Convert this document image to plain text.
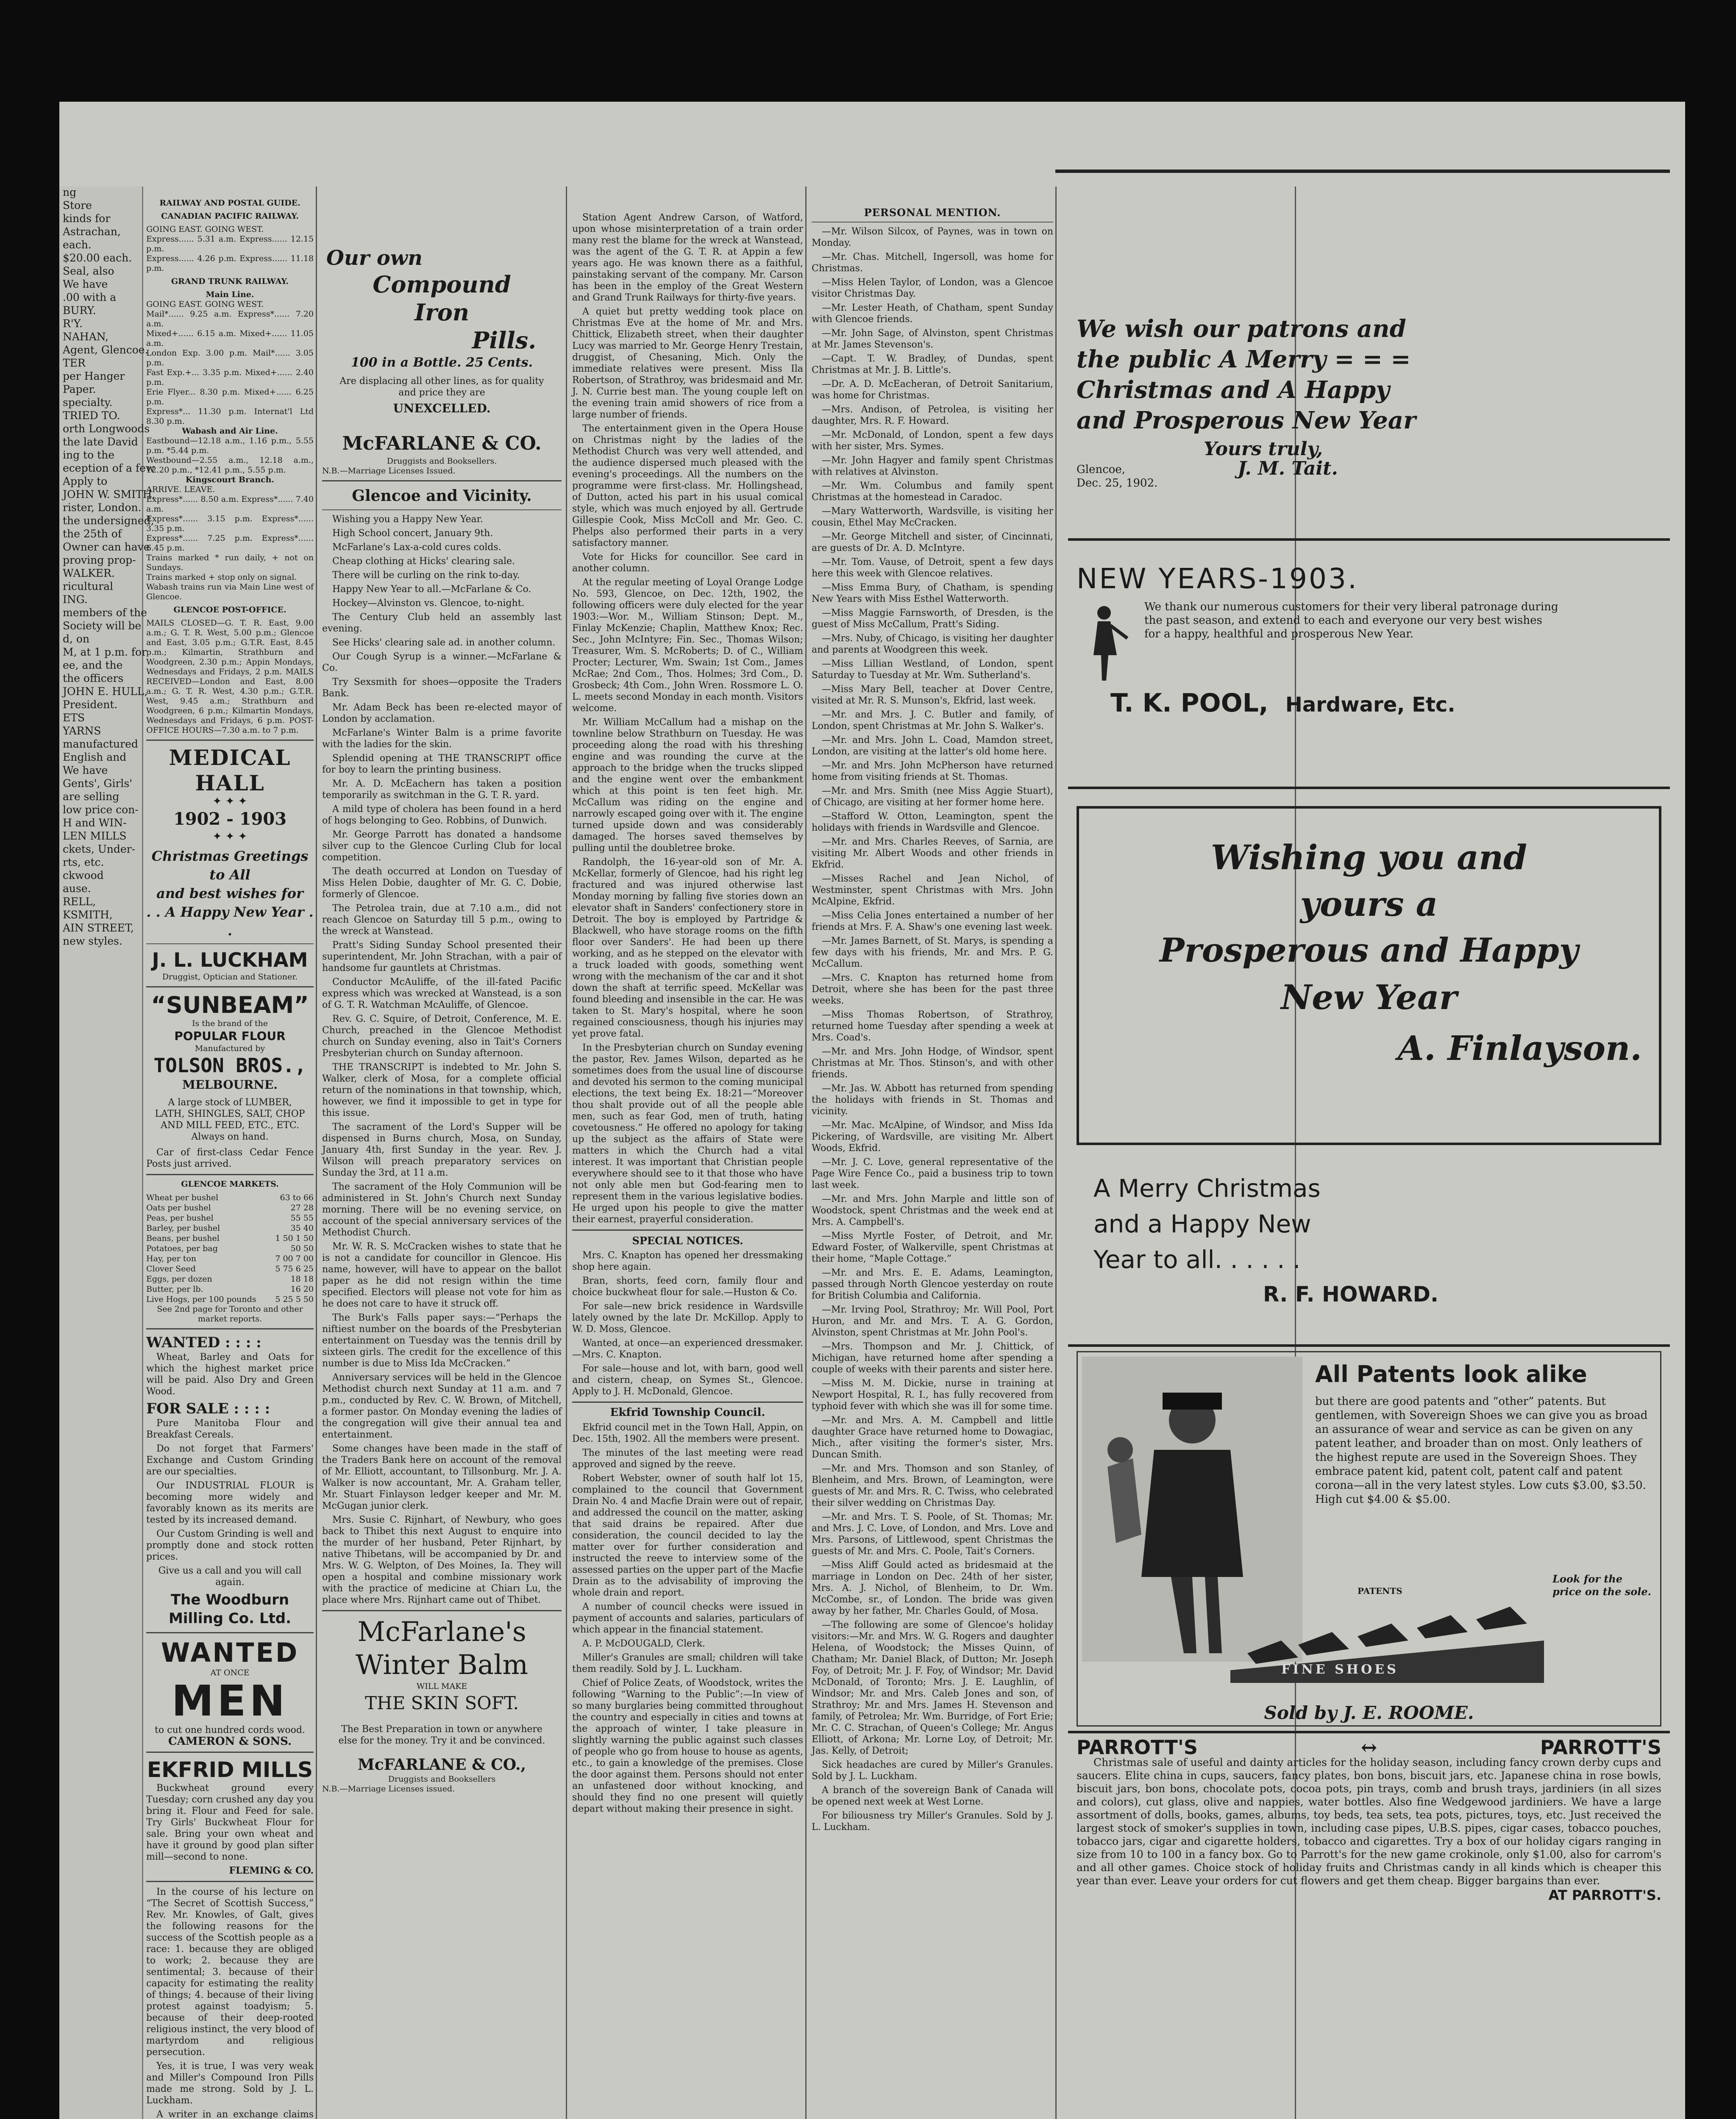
ng
Store
kinds for
Astrachan,
each.
$20.00 each.
Seal, also
We have
.00 with a
BURY.
R'Y.
NAHAN,
Agent, Glencoe.
TER
per Hanger
Paper.
specialty.
TRIED TO.
orth Longwoods
the late David
ing to the
eception of a few
Apply to
JOHN W. SMITH,
rister, London.
the undersigned,
the 25th of
Owner can have
proving prop-
WALKER.
ricultural
ING.
members of the
Society will be
d, on
M, at 1 p.m. for
ee, and the
the officers
JOHN E. HULL,
President.
ETS
YARNS
manufactured
English and
We have
Gents', Girls'
are selling
low price con-
H and WIN-
LEN MILLS
ckets, Under-
rts, etc.
ckwood
ause.
RELL,
KSMITH,
AIN STREET,
new styles.
RAILWAY AND POSTAL GUIDE.
CANADIAN PACIFIC RAILWAY.
GOING EAST. GOING WEST.
Express...... 5.31 a.m. Express...... 12.15 p.m.
Express...... 4.26 p.m. Express...... 11.18 p.m.
GRAND TRUNK RAILWAY.
Main Line.
GOING EAST. GOING WEST.
Mail*...... 9.25 a.m. Express*...... 7.20 a.m.
Mixed+...... 6.15 a.m. Mixed+...... 11.05 a.m.
London Exp. 3.00 p.m. Mail*...... 3.05 p.m.
Fast Exp.+... 3.35 p.m. Mixed+...... 2.40 p.m.
Erie Flyer... 8.30 p.m. Mixed+...... 6.25 p.m.
Express*... 11.30 p.m. Internat'l Ltd 8.30 p.m.
Wabash and Air Line.
Eastbound—12.18 a.m., 1.16 p.m., 5.55 p.m. *5.44 p.m.
Westbound—2.55 a.m., 12.18 a.m., 12.20 p.m., *12.41 p.m., 5.55 p.m.
Kingscourt Branch.
ARRIVE. LEAVE.
Express*...... 8.50 a.m. Express*...... 7.40 a.m.
Express*...... 3.15 p.m. Express*...... 3.35 p.m.
Express*...... 7.25 p.m. Express*...... 6.45 p.m.
Trains marked * run daily, + not on Sundays.
Trains marked + stop only on signal.
Wabash trains run via Main Line west of Glencoe.
GLENCOE POST-OFFICE.

MAILS CLOSED—G. T. R. East, 9.00 a.m.; G. T. R. West, 5.00 p.m.; Glencoe and East, 3.05 p.m.; G.T.R. East, 8.45 p.m.; Kilmartin, Strathburn and Woodgreen, 2.30 p.m.; Appin Mondays, Wednesdays and Fridays, 2 p.m. MAILS RECEIVED—London and East, 8.00 a.m.; G. T. R. West, 4.30 p.m.; G.T.R. West, 9.45 a.m.; Strathburn and Woodgreen, 6 p.m.; Kilmartin Mondays, Wednesdays and Fridays, 6 p.m. POST-OFFICE HOURS—7.30 a.m. to 7 p.m.

MEDICAL HALL
✦ ✦ ✦
1902 - 1903
✦ ✦ ✦
Christmas Greetings to All
and best wishes for
. . A Happy New Year . .
J. L. LUCKHAM
Druggist, Optician and Stationer.
“SUNBEAM”
Is the brand of the
POPULAR FLOUR
Manufactured by
TOLSON BROS.,
MELBOURNE.

A large stock of LUMBER, LATH, SHINGLES, SALT, CHOP AND MILL FEED, ETC., ETC. Always on hand.

Car of first-class Cedar Fence Posts just arrived.

GLENCOE MARKETS.
Wheat per bushel	63 to 66
Oats per bushel	27 28
Peas, per bushel	55 55
Barley, per bushel	35 40
Beans, per bushel	1 50 1 50
Potatoes, per bag	50 50
Hay, per ton	7 00 7 00
Clover Seed	5 75 6 25
Eggs, per dozen	18 18
Butter, per lb.	16 20
Live Hogs, per 100 pounds 5 25 5 50
See 2nd page for Toronto and other market reports.
WANTED : : : :

Wheat, Barley and Oats for which the highest market price will be paid. Also Dry and Green Wood.

FOR SALE : : : :

Pure Manitoba Flour and Breakfast Cereals.

Do not forget that Farmers' Exchange and Custom Grinding are our specialties.

Our INDUSTRIAL FLOUR is becoming more widely and favorably known as its merits are tested by its increased demand.

Our Custom Grinding is well and promptly done and stock rotten prices.

Give us a call and you will call again.

The Woodburn Milling Co. Ltd.
WANTED
AT ONCE
MEN
to cut one hundred cords wood.
CAMERON & SONS.
EKFRID MILLS

Buckwheat ground every Tuesday; corn crushed any day you bring it. Flour and Feed for sale. Try Girls' Buckwheat Flour for sale. Bring your own wheat and have it ground by good plan sifter mill—second to none.

FLEMING & CO.

In the course of his lecture on “The Secret of Scottish Success,” Rev. Mr. Knowles, of Galt, gives the following reasons for the success of the Scottish people as a race: 1. because they are obliged to work; 2. because they are sentimental; 3. because of their capacity for estimating the reality of things; 4. because of their living protest against toadyism; 5. because of their deep-rooted religious instinct, the very blood of martyrdom and religious persecution.

Yes, it is true, I was very weak and Miller's Compound Iron Pills made me strong. Sold by J. L. Luckham.

A writer in an exchange claims

Our own
Compound
Iron
Pills.
100 in a Bottle. 25 Cents.

Are displacing all other lines, as for quality and price they are

UNEXCELLED.
McFARLANE & CO.
Druggists and Booksellers.
N.B.—Marriage Licenses Issued.
Glencoe and Vicinity.
Wishing you a Happy New Year.
High School concert, January 9th.
McFarlane's Lax-a-cold cures colds.
Cheap clothing at Hicks' clearing sale.
There will be curling on the rink to-day.
Happy New Year to all.—McFarlane & Co.
Hockey—Alvinston vs. Glencoe, to-night.
The Century Club held an assembly last evening.
See Hicks' clearing sale ad. in another column.
Our Cough Syrup is a winner.—McFarlane & Co.
Try Sexsmith for shoes—opposite the Traders Bank.
Mr. Adam Beck has been re-elected mayor of London by acclamation.
McFarlane's Winter Balm is a prime favorite with the ladies for the skin.
Splendid opening at THE TRANSCRIPT office for boy to learn the printing business.
Mr. A. D. McEachern has taken a position temporarily as switchman in the G. T. R. yard.
A mild type of cholera has been found in a herd of hogs belonging to Geo. Robbins, of Dunwich.
Mr. George Parrott has donated a handsome silver cup to the Glencoe Curling Club for local competition.
The death occurred at London on Tuesday of Miss Helen Dobie, daughter of Mr. G. C. Dobie, formerly of Glencoe.
The Petrolea train, due at 7.10 a.m., did not reach Glencoe on Saturday till 5 p.m., owing to the wreck at Wanstead.
Pratt's Siding Sunday School presented their superintendent, Mr. John Strachan, with a pair of handsome fur gauntlets at Christmas.
Conductor McAuliffe, of the ill-fated Pacific express which was wrecked at Wanstead, is a son of G. T. R. Watchman McAuliffe, of Glencoe.
Rev. G. C. Squire, of Detroit, Conference, M. E. Church, preached in the Glencoe Methodist church on Sunday evening, also in Tait's Corners Presbyterian church on Sunday afternoon.
THE TRANSCRIPT is indebted to Mr. John S. Walker, clerk of Mosa, for a complete official return of the nominations in that township, which, however, we find it impossible to get in type for this issue.
The sacrament of the Lord's Supper will be dispensed in Burns church, Mosa, on Sunday, January 4th, first Sunday in the year. Rev. J. Wilson will preach preparatory services on Sunday the 3rd, at 11 a.m.
The sacrament of the Holy Communion will be administered in St. John's Church next Sunday morning. There will be no evening service, on account of the special anniversary services of the Methodist Church.
Mr. W. R. S. McCracken wishes to state that he is not a candidate for councillor in Glencoe. His name, however, will have to appear on the ballot paper as he did not resign within the time specified. Electors will please not vote for him as he does not care to have it struck off.
The Burk's Falls paper says:—“Perhaps the niftiest number on the boards of the Presbyterian entertainment on Tuesday was the tennis drill by sixteen girls. The credit for the excellence of this number is due to Miss Ida McCracken.”
Anniversary services will be held in the Glencoe Methodist church next Sunday at 11 a.m. and 7 p.m., conducted by Rev. C. W. Brown, of Mitchell, a former pastor. On Monday evening the ladies of the congregation will give their annual tea and entertainment.
Some changes have been made in the staff of the Traders Bank here on account of the removal of Mr. Elliott, accountant, to Tillsonburg. Mr. J. A. Walker is now accountant, Mr. A. Graham teller, Mr. Stuart Finlayson ledger keeper and Mr. M. McGugan junior clerk.
Mrs. Susie C. Rijnhart, of Newbury, who goes back to Thibet this next August to enquire into the murder of her husband, Peter Rijnhart, by native Thibetans, will be accompanied by Dr. and Mrs. W. G. Welpton, of Des Moines, Ia. They will open a hospital and combine missionary work with the practice of medicine at Chiarı Lu, the place where Mrs. Rijnhart came out of Thibet.
McFarlane's
Winter Balm
WILL MAKE
THE SKIN SOFT.

The Best Preparation in town or anywhere else for the money. Try it and be convinced.

McFARLANE & CO.,
Druggists and Booksellers
N.B.—Marriage Licenses issued.
Station Agent Andrew Carson, of Watford, upon whose misinterpretation of a train order many rest the blame for the wreck at Wanstead, was the agent of the G. T. R. at Appin a few years ago. He was known there as a faithful, painstaking servant of the company. Mr. Carson has been in the employ of the Great Western and Grand Trunk Railways for thirty-five years.
A quiet but pretty wedding took place on Christmas Eve at the home of Mr. and Mrs. Chittick, Elizabeth street, when their daughter Lucy was married to Mr. George Henry Trestain, druggist, of Chesaning, Mich. Only the immediate relatives were present. Miss Ila Robertson, of Strathroy, was bridesmaid and Mr. J. N. Currie best man. The young couple left on the evening train amid showers of rice from a large number of friends.
The entertainment given in the Opera House on Christmas night by the ladies of the Methodist Church was very well attended, and the audience dispersed much pleased with the evening's proceedings. All the numbers on the programme were first-class. Mr. Hollingshead, of Dutton, acted his part in his usual comical style, which was much enjoyed by all. Gertrude Gillespie Cook, Miss McColl and Mr. Geo. C. Phelps also performed their parts in a very satisfactory manner.
Vote for Hicks for councillor. See card in another column.
At the regular meeting of Loyal Orange Lodge No. 593, Glencoe, on Dec. 12th, 1902, the following officers were duly elected for the year 1903:—Wor. M., William Stinson; Dept. M., Finlay McKenzie; Chaplin, Matthew Knox; Rec. Sec., John McIntyre; Fin. Sec., Thomas Wilson; Treasurer, Wm. S. McRoberts; D. of C., William Procter; Lecturer, Wm. Swain; 1st Com., James McRae; 2nd Com., Thos. Holmes; 3rd Com., D. Grosbeck; 4th Com., John Wren. Rossmore L. O. L. meets second Monday in each month. Visitors welcome.
Mr. William McCallum had a mishap on the townline below Strathburn on Tuesday. He was proceeding along the road with his threshing engine and was rounding the curve at the approach to the bridge when the trucks slipped and the engine went over the embankment which at this point is ten feet high. Mr. McCallum was riding on the engine and narrowly escaped going over with it. The engine turned upside down and was considerably damaged. The horses saved themselves by pulling until the doubletree broke.
Randolph, the 16-year-old son of Mr. A. McKellar, formerly of Glencoe, had his right leg fractured and was injured otherwise last Monday morning by falling five stories down an elevator shaft in Sanders' confectionery store in Detroit. The boy is employed by Partridge & Blackwell, who have storage rooms on the fifth floor over Sanders'. He had been up there working, and as he stepped on the elevator with a truck loaded with goods, something went wrong with the mechanism of the car and it shot down the shaft at terrific speed. McKellar was found bleeding and insensible in the car. He was taken to St. Mary's hospital, where he soon regained consciousness, though his injuries may yet prove fatal.
In the Presbyterian church on Sunday evening the pastor, Rev. James Wilson, departed as he sometimes does from the usual line of discourse and devoted his sermon to the coming municipal elections, the text being Ex. 18:21—“Moreover thou shalt provide out of all the people able men, such as fear God, men of truth, hating covetousness.” He offered no apology for taking up the subject as the affairs of State were matters in which the Church had a vital interest. It was important that Christian people everywhere should see to it that those who have not only able men but God-fearing men to represent them in the various legislative bodies. He urged upon his people to give the matter their earnest, prayerful consideration.
SPECIAL NOTICES.
Mrs. C. Knapton has opened her dressmaking shop here again.
Bran, shorts, feed corn, family flour and choice buckwheat flour for sale.—Huston & Co.
For sale—new brick residence in Wardsville lately owned by the late Dr. McKillop. Apply to W. D. Moss, Glencoe.
Wanted, at once—an experienced dressmaker.—Mrs. C. Knapton.
For sale—house and lot, with barn, good well and cistern, cheap, on Symes St., Glencoe. Apply to J. H. McDonald, Glencoe.
Ekfrid Township Council.
Ekfrid council met in the Town Hall, Appin, on Dec. 15th, 1902. All the members were present.
The minutes of the last meeting were read approved and signed by the reeve.
Robert Webster, owner of south half lot 15, complained to the council that Government Drain No. 4 and Macfie Drain were out of repair, and addressed the council on the matter, asking that said drains be repaired. After due consideration, the council decided to lay the matter over for further consideration and instructed the reeve to interview some of the assessed parties on the upper part of the Macfie Drain as to the advisability of improving the whole drain and report.
A number of council checks were issued in payment of accounts and salaries, particulars of which appear in the financial statement.
A. P. McDOUGALD, Clerk.
Miller's Granules are small; children will take them readily. Sold by J. L. Luckham.
Chief of Police Zeats, of Woodstock, writes the following “Warning to the Public”:—In view of so many burglaries being committed throughout the country and especially in cities and towns at the approach of winter, I take pleasure in slightly warning the public against such classes of people who go from house to house as agents, etc., to gain a knowledge of the premises. Close the door against them. Persons should not enter an unfastened door without knocking, and should they find no one present will quietly depart without making their presence in sight.
PERSONAL MENTION.
—Mr. Wilson Silcox, of Paynes, was in town on Monday.
—Mr. Chas. Mitchell, Ingersoll, was home for Christmas.
—Miss Helen Taylor, of London, was a Glencoe visitor Christmas Day.
—Mr. Lester Heath, of Chatham, spent Sunday with Glencoe friends.
—Mr. John Sage, of Alvinston, spent Christmas at Mr. James Stevenson's.
—Capt. T. W. Bradley, of Dundas, spent Christmas at Mr. J. B. Little's.
—Dr. A. D. McEacheran, of Detroit Sanitarium, was home for Christmas.
—Mrs. Andison, of Petrolea, is visiting her daughter, Mrs. R. F. Howard.
—Mr. McDonald, of London, spent a few days with her sister, Mrs. Symes.
—Mr. John Hagyer and family spent Christmas with relatives at Alvinston.
—Mr. Wm. Columbus and family spent Christmas at the homestead in Caradoc.
—Mary Watterworth, Wardsville, is visiting her cousin, Ethel May McCracken.
—Mr. George Mitchell and sister, of Cincinnati, are guests of Dr. A. D. McIntyre.
—Mr. Tom. Vause, of Detroit, spent a few days here this week with Glencoe relatives.
—Miss Emma Bury, of Chatham, is spending New Years with Miss Esthel Watterworth.
—Miss Maggie Farnsworth, of Dresden, is the guest of Miss McCallum, Pratt's Siding.
—Mrs. Nuby, of Chicago, is visiting her daughter and parents at Woodgreen this week.
—Miss Lillian Westland, of London, spent Saturday to Tuesday at Mr. Wm. Sutherland's.
—Miss Mary Bell, teacher at Dover Centre, visited at Mr. R. S. Munson's, Ekfrid, last week.
—Mr. and Mrs. J. C. Butler and family, of London, spent Christmas at Mr. John S. Walker's.
—Mr. and Mrs. John L. Coad, Mamdon street, London, are visiting at the latter's old home here.
—Mr. and Mrs. John McPherson have returned home from visiting friends at St. Thomas.
—Mr. and Mrs. Smith (nee Miss Aggie Stuart), of Chicago, are visiting at her former home here.
—Stafford W. Otton, Leamington, spent the holidays with friends in Wardsville and Glencoe.
—Mr. and Mrs. Charles Reeves, of Sarnia, are visiting Mr. Albert Woods and other friends in Ekfrid.
—Misses Rachel and Jean Nichol, of Westminster, spent Christmas with Mrs. John McAlpine, Ekfrid.
—Miss Celia Jones entertained a number of her friends at Mrs. F. A. Shaw's one evening last week.
—Mr. James Barnett, of St. Marys, is spending a few days with his friends, Mr. and Mrs. P. G. McCallum.
—Mrs. C. Knapton has returned home from Detroit, where she has been for the past three weeks.
—Miss Thomas Robertson, of Strathroy, returned home Tuesday after spending a week at Mrs. Coad's.
—Mr. and Mrs. John Hodge, of Windsor, spent Christmas at Mr. Thos. Stinson's, and with other friends.
—Mr. Jas. W. Abbott has returned from spending the holidays with friends in St. Thomas and vicinity.
—Mr. Mac. McAlpine, of Windsor, and Miss Ida Pickering, of Wardsville, are visiting Mr. Albert Woods, Ekfrid.
—Mr. J. C. Love, general representative of the Page Wire Fence Co., paid a business trip to town last week.
—Mr. and Mrs. John Marple and little son of Woodstock, spent Christmas and the week end at Mrs. A. Campbell's.
—Miss Myrtle Foster, of Detroit, and Mr. Edward Foster, of Walkerville, spent Christmas at their home, “Maple Cottage.”
—Mr. and Mrs. E. E. Adams, Leamington, passed through North Glencoe yesterday on route for British Columbia and California.
—Mr. Irving Pool, Strathroy; Mr. Will Pool, Port Huron, and Mr. and Mrs. T. A. G. Gordon, Alvinston, spent Christmas at Mr. John Pool's.
—Mrs. Thompson and Mr. J. Chittick, of Michigan, have returned home after spending a couple of weeks with their parents and sister here.
—Miss M. M. Dickie, nurse in training at Newport Hospital, R. I., has fully recovered from typhoid fever with which she was ill for some time.
—Mr. and Mrs. A. M. Campbell and little daughter Grace have returned home to Dowagiac, Mich., after visiting the former's sister, Mrs. Duncan Smith.
—Mr. and Mrs. Thomson and son Stanley, of Blenheim, and Mrs. Brown, of Leamington, were guests of Mr. and Mrs. R. C. Twiss, who celebrated their silver wedding on Christmas Day.
—Mr. and Mrs. T. S. Poole, of St. Thomas; Mr. and Mrs. J. C. Love, of London, and Mrs. Love and Mrs. Parsons, of Littlewood, spent Christmas the guests of Mr. and Mrs. C. Poole, Tait's Corners.
—Miss Aliff Gould acted as bridesmaid at the marriage in London on Dec. 24th of her sister, Mrs. A. J. Nichol, of Blenheim, to Dr. Wm. McCombe, sr., of London. The bride was given away by her father, Mr. Charles Gould, of Mosa.
—The following are some of Glencoe's holiday visitors:—Mr. and Mrs. W. G. Rogers and daughter Helena, of Woodstock; the Misses Quinn, of Chatham; Mr. Daniel Black, of Dutton; Mr. Joseph Foy, of Detroit; Mr. J. F. Foy, of Windsor; Mr. David McDonald, of Toronto; Mrs. J. E. Laughlin, of Windsor; Mr. and Mrs. Caleb Jones and son, of Strathroy; Mr. and Mrs. James H. Stevenson and family, of Petrolea; Mr. Wm. Burridge, of Fort Erie; Mr. C. C. Strachan, of Queen's College; Mr. Angus Elliott, of Arkona; Mr. Lorne Loy, of Detroit; Mr. Jas. Kelly, of Detroit;
Sick headaches are cured by Miller's Granules. Sold by J. L. Luckham.
A branch of the sovereign Bank of Canada will be opened next week at West Lorne.
For biliousness try Miller's Granules. Sold by J. L. Luckham.
We wish our patrons and
the public A Merry = = =
Christmas and A Happy
and Prosperous New Year
Yours truly,
Glencoe,
Dec. 25, 1902.
J. M. Tait.
NEW YEARS-1903.

We thank our numerous customers for their very liberal patronage during the past season, and extend to each and everyone our very best wishes for a happy, healthful and prosperous New Year.

T. K. POOL, Hardware, Etc.
Wishing you and
yours a
Prosperous and Happy
New Year
A. Finlayson.
A Merry Christmas
and a Happy New
Year to all. . . . . .
R. F. HOWARD.
All Patents look alike

but there are good patents and “other” patents. But gentlemen, with Sovereign Shoes we can give you as broad an assurance of wear and service as can be given on any patent leather, and broader than on most. Only leathers of the highest repute are used in the Sovereign Shoes. They embrace patent kid, patent colt, patent calf and patent corona—all in the very latest styles. Low cuts $3.00, $3.50. High cut $4.00 & $5.00.

Look for the price on the sole.
PATENTS
FINE SHOES
Sold by J. E. ROOME.
PARROTT'S	↔	PARROTT'S

Christmas sale of useful and dainty articles for the holiday season, including fancy crown derby cups and saucers. Elite china in cups, saucers, fancy plates, bon bons, biscuit jars, etc. Japanese china in rose bowls, biscuit jars, bon bons, chocolate pots, cocoa pots, pin trays, comb and brush trays, jardiniers (in all sizes and colors), cut glass, olive and nappies, water bottles. Also fine Wedgewood jardiniers. We have a large assortment of dolls, books, games, albums, toy beds, tea sets, tea pots, pictures, toys, etc. Just received the largest stock of smoker's supplies in town, including case pipes, U.B.S. pipes, cigar cases, tobacco pouches, tobacco jars, cigar and cigarette holders, tobacco and cigarettes. Try a box of our holiday cigars ranging in size from 10 to 100 in a fancy box. Go to Parrott's for the new game crokinole, only $1.00, also for carrom's and all other games. Choice stock of holiday fruits and Christmas candy in all kinds which is cheaper this year than ever. Leave your orders for cut flowers and get them cheap. Bigger bargains than ever.

AT PARROTT'S.
